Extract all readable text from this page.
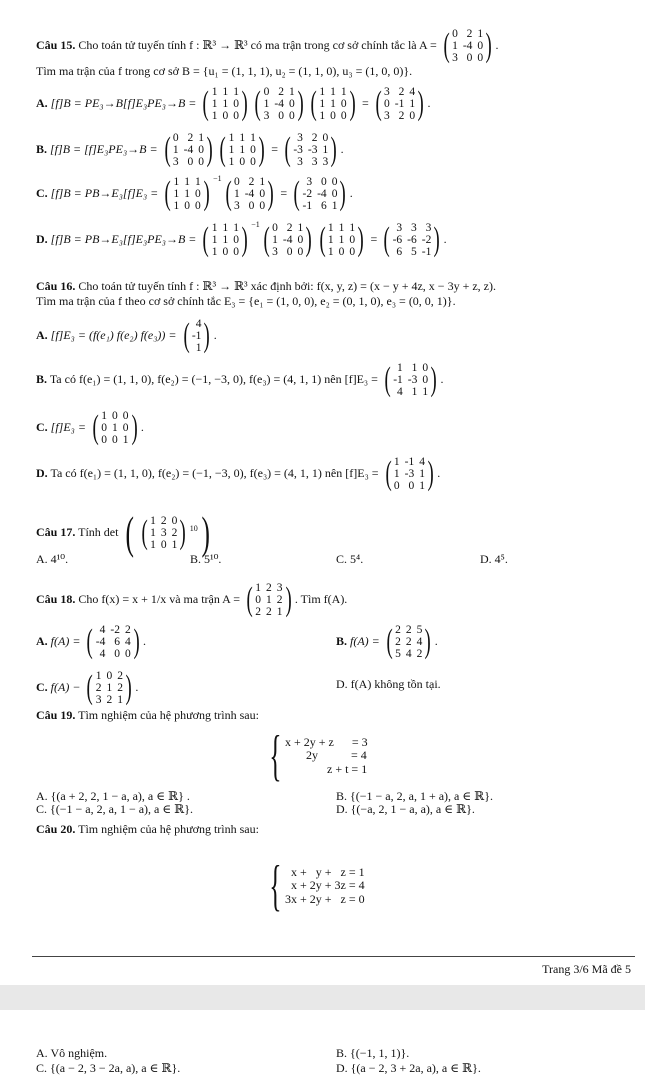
Câu 15. Cho toán tử tuyến tính f : ℝ³ → ℝ³ có ma trận trong cơ sở chính tắc là A = ( 0 2 1
1 -4 0
3 0 0 ) .
Tìm ma trận của f trong cơ sở B = {u₁ = (1, 1, 1), u₂ = (1, 1, 0), u₃ = (1, 0, 0)}.
A. [f]B = PE₃→B[f]E₃PE₃→B = ( 1 1 1
1 1 0
1 0 0 ) ( 0 2 1
1 -4 0
3 0 0 ) ( 1 1 1
1 1 0
1 0 0 ) = ( 3 2 4
0 -1 1
3 2 0 ) .
B. [f]B = [f]E₃PE₃→B = ( 0 2 1
1 -4 0
3 0 0 ) ( 1 1 1
1 1 0
1 0 0 ) = ( 3 2 0
-3 -3 1
3 3 3 ) .
C. [f]B = PB→E₃[f]E₃ = ( 1 1 1
1 1 0
1 0 0 ) $^{-1}$ ( 0 2 1
1 -4 0
3 0 0 ) = ( 3 0 0
-2 -4 0
-1 6 1 ) .
D. [f]B = PB→E₃[f]E₃PE₃→B = ( 1 1 1
1 1 0
1 0 0 ) $^{-1}$ ( 0 2 1
1 -4 0
3 0 0 ) ( 1 1 1
1 1 0
1 0 0 ) = ( 3 3 3
-6 -6 -2
6 5 -1 ) .
Câu 16. Cho toán tử tuyến tính f : ℝ³ → ℝ³ xác định bởi: f(x, y, z) = (x − y + 4z, x − 3y + z, z).
Tìm ma trận của f theo cơ sở chính tắc E₃ = {e₁ = (1, 0, 0), e₂ = (0, 1, 0), e₃ = (0, 0, 1)}.
A. [f]E₃ = (f(e₁) f(e₂) f(e₃)) = ( 4
-1
1 ) .
B. Ta có f(e₁) = (1, 1, 0), f(e₂) = (−1, −3, 0), f(e₃) = (4, 1, 1) nên [f]E₃ = ( 1 1 0
-1 -3 0
4 1 1 ) .
C. [f]E₃ = ( 1 0 0
0 1 0
0 0 1 ) .
D. Ta có f(e₁) = (1, 1, 0), f(e₂) = (−1, −3, 0), f(e₃) = (4, 1, 1) nên [f]E₃ = ( 1 -1 4
1 -3 1
0 0 1 ) .
Câu 17. Tính det ( ( 1 2 0
1 3 2
1 0 1 ) 10 )
A. 4¹⁰.	B. 5¹⁰.	C. 5⁴.	D. 4⁵.
Câu 18. Cho f(x) = x + 1/x và ma trận A = ( 1 2 3
0 1 2
2 2 1 ) . Tìm f(A).
A. f(A) = ( 4 -2 2
-4 6 4
4 0 0 ) .	B. f(A) = ( 2 2 5
2 2 4
5 4 2 ) .
C. f(A) − ( 1 0 2
2 1 2
3 2 1 ) .	D. f(A) không tồn tại.
Câu 19. Tìm nghiệm của hệ phương trình sau:
{ x + 2y + z      = 3
2y           = 4
z + t = 1
A. {(a + 2, 2, 1 − a, a), a ∈ ℝ} .	B. {(−1 − a, 2, a, 1 + a), a ∈ ℝ}.
C. {(−1 − a, 2, a, 1 − a), a ∈ ℝ}.	D. {(−a, 2, 1 − a, a), a ∈ ℝ}.
Câu 20. Tìm nghiệm của hệ phương trình sau:
{ x +   y +   z = 1
x + 2y + 3z = 4
3x + 2y +   z = 0
Trang 3/6 Mã đề 5
A. Vô nghiệm.	B. {(−1, 1, 1)}.
C. {(a − 2, 3 − 2a, a), a ∈ ℝ}.	D. {(a − 2, 3 + 2a, a), a ∈ ℝ}.
